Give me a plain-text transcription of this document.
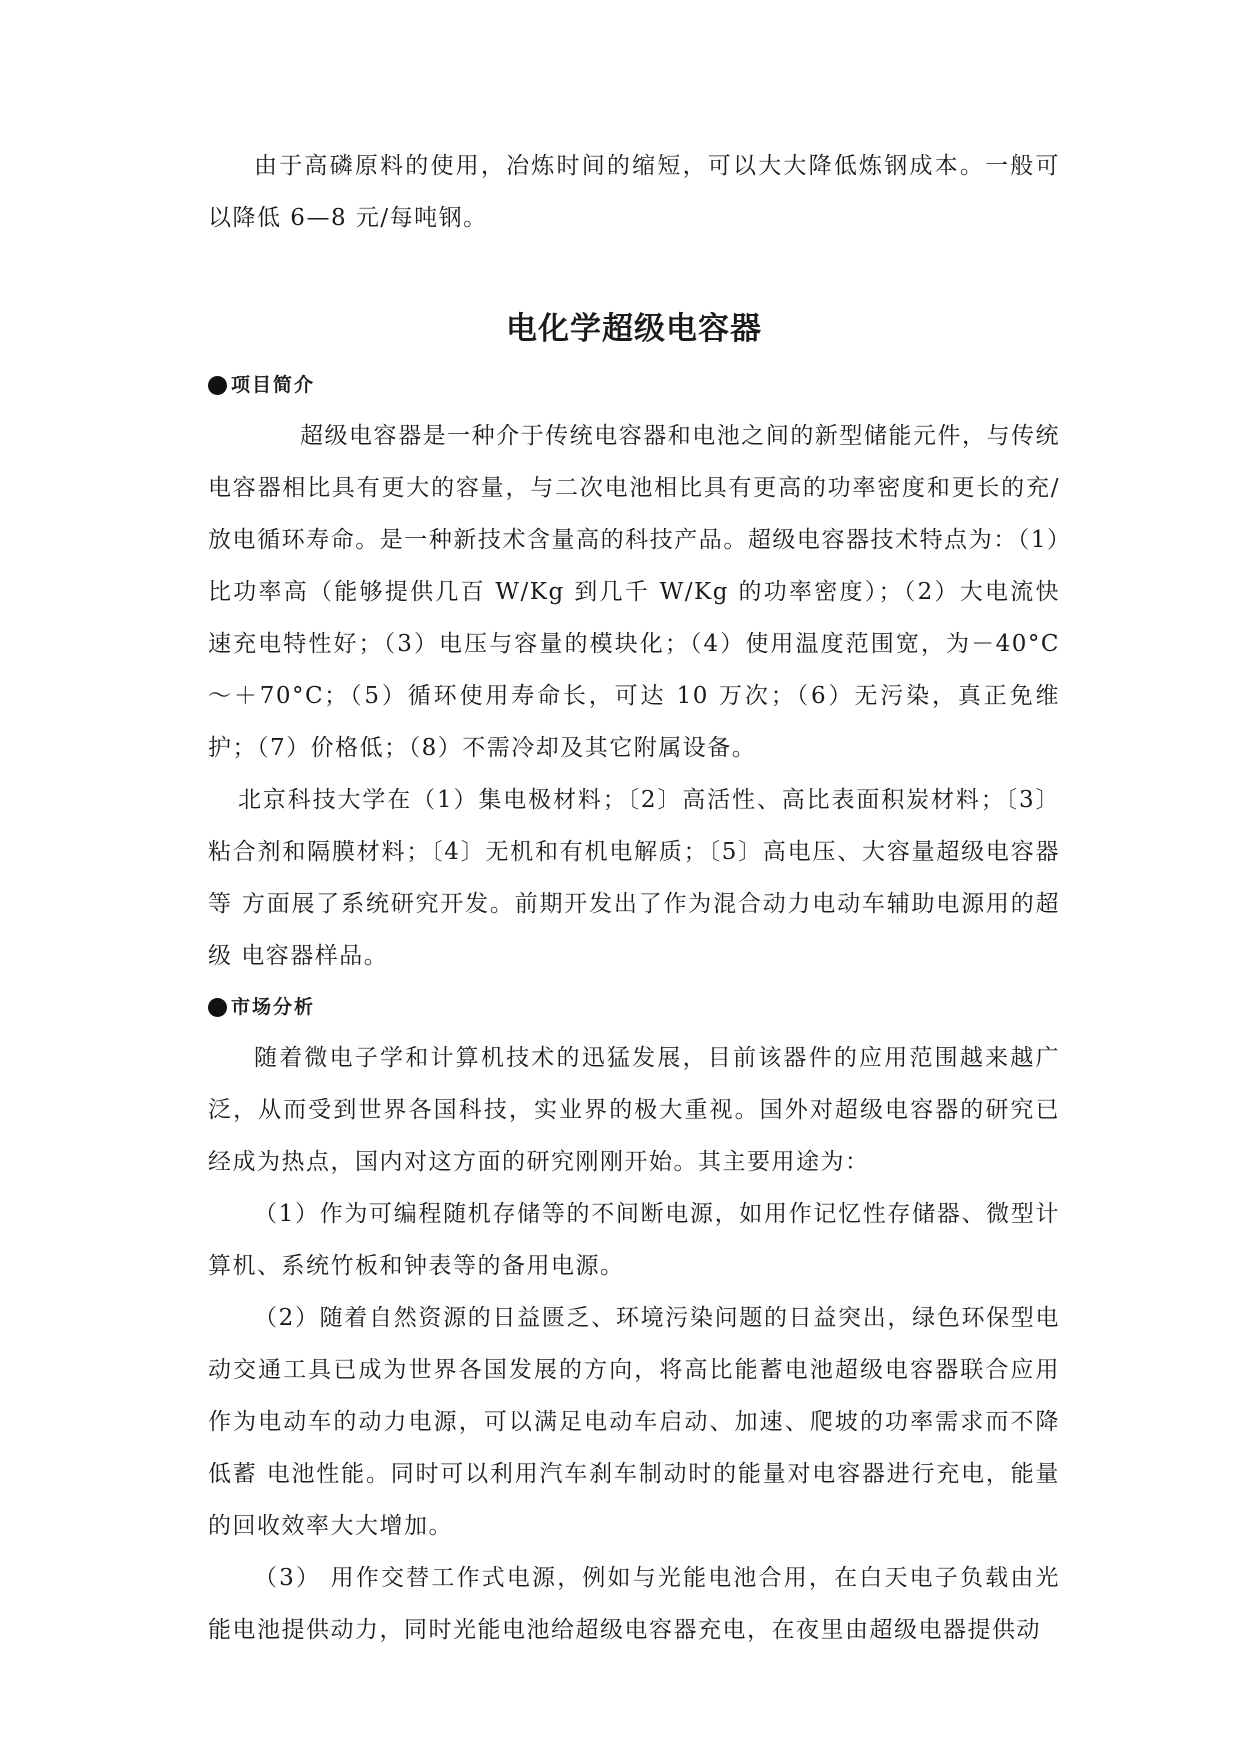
由于高磷原料的使用，冶炼时间的缩短，可以大大降低炼钢成本。一般可以降低 6—8 元/每吨钢。

电化学超级电容器
项目简介

超级电容器是一种介于传统电容器和电池之间的新型储能元件，与传统电容器相比具有更大的容量，与二次电池相比具有更高的功率密度和更长的充/放电循环寿命。是一种新技术含量高的科技产品。超级电容器技术特点为：（1）比功率高（能够提供几百 W/Kg 到几千 W/Kg 的功率密度）；（2）大电流快速充电特性好；（3）电压与容量的模块化；（4）使用温度范围宽，为－40°C～＋70°C；（5）循环使用寿命长，可达 10 万次；（6）无污染，真正免维护；（7）价格低；（8）不需冷却及其它附属设备。

北京科技大学在（1）集电极材料；〔2〕高活性、高比表面积炭材料；〔3〕粘合剂和隔膜材料；〔4〕无机和有机电解质；〔5〕高电压、大容量超级电容器等 方面展了系统研究开发。前期开发出了作为混合动力电动车辅助电源用的超级 电容器样品。

市场分析

随着微电子学和计算机技术的迅猛发展，目前该器件的应用范围越来越广泛，从而受到世界各国科技，实业界的极大重视。国外对超级电容器的研究已经成为热点，国内对这方面的研究刚刚开始。其主要用途为：

（1）作为可编程随机存储等的不间断电源，如用作记忆性存储器、微型计算机、系统竹板和钟表等的备用电源。

（2）随着自然资源的日益匮乏、环境污染问题的日益突出，绿色环保型电动交通工具已成为世界各国发展的方向，将高比能蓄电池超级电容器联合应用作为电动车的动力电源，可以满足电动车启动、加速、爬坡的功率需求而不降低蓄 电池性能。同时可以利用汽车刹车制动时的能量对电容器进行充电，能量的回收效率大大增加。

（3） 用作交替工作式电源，例如与光能电池合用，在白天电子负载由光能电池提供动力，同时光能电池给超级电容器充电，在夜里由超级电器提供动
